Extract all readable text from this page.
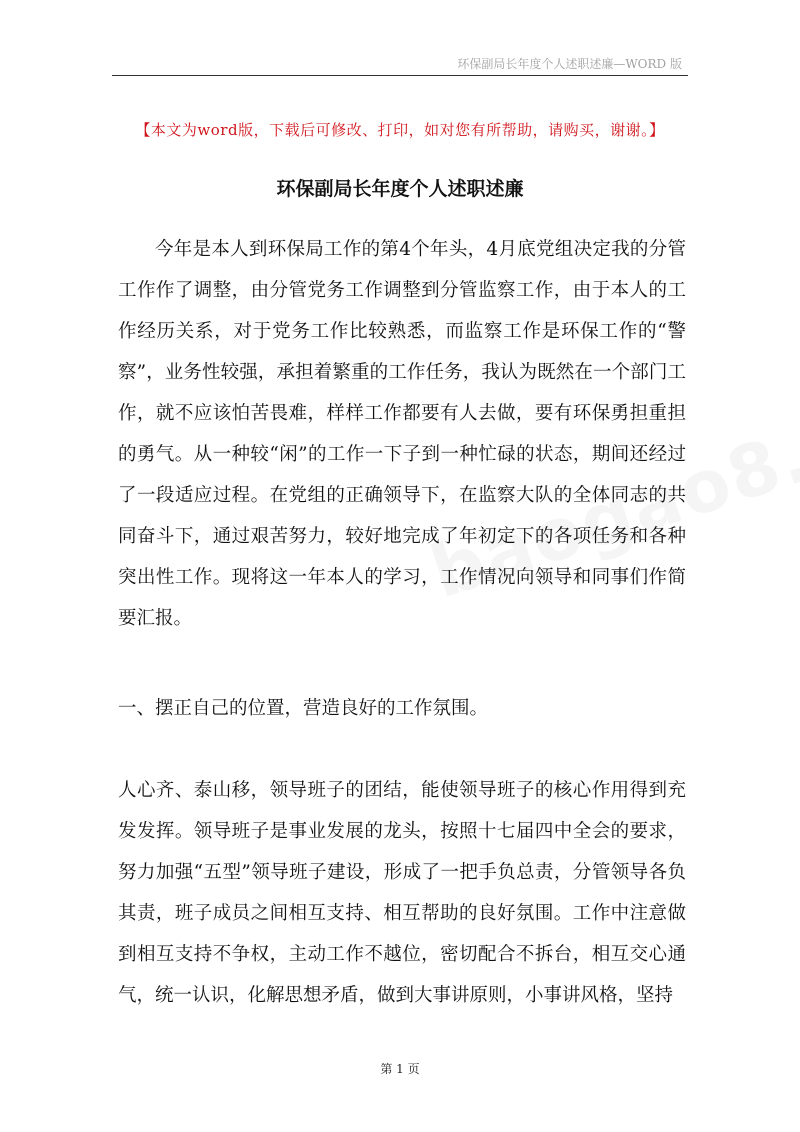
环保副局长年度个人述职述廉—WORD 版
【本文为word版，下载后可修改、打印，如对您有所帮助，请购买，谢谢。】
环保副局长年度个人述职述廉
今年是本人到环保局工作的第4个年头，4月底党组决定我的分管工作作了调整，由分管党务工作调整到分管监察工作，由于本人的工作经历关系，对于党务工作比较熟悉，而监察工作是环保工作的“警察”，业务性较强，承担着繁重的工作任务，我认为既然在一个部门工作，就不应该怕苦畏难，样样工作都要有人去做，要有环保勇担重担的勇气。从一种较“闲”的工作一下子到一种忙碌的状态，期间还经过了一段适应过程。在党组的正确领导下，在监察大队的全体同志的共同奋斗下，通过艰苦努力，较好地完成了年初定下的各项任务和各种突出性工作。现将这一年本人的学习，工作情况向领导和同事们作简要汇报。
一、摆正自己的位置，营造良好的工作氛围。
人心齐、泰山移，领导班子的团结，能使领导班子的核心作用得到充发发挥。领导班子是事业发展的龙头，按照十七届四中全会的要求，努力加强“五型”领导班子建设，形成了一把手负总责，分管领导各负其责，班子成员之间相互支持、相互帮助的良好氛围。工作中注意做到相互支持不争权，主动工作不越位，密切配合不拆台，相互交心通气，统一认识，化解思想矛盾，做到大事讲原则，小事讲风格，坚持
第 1 页
